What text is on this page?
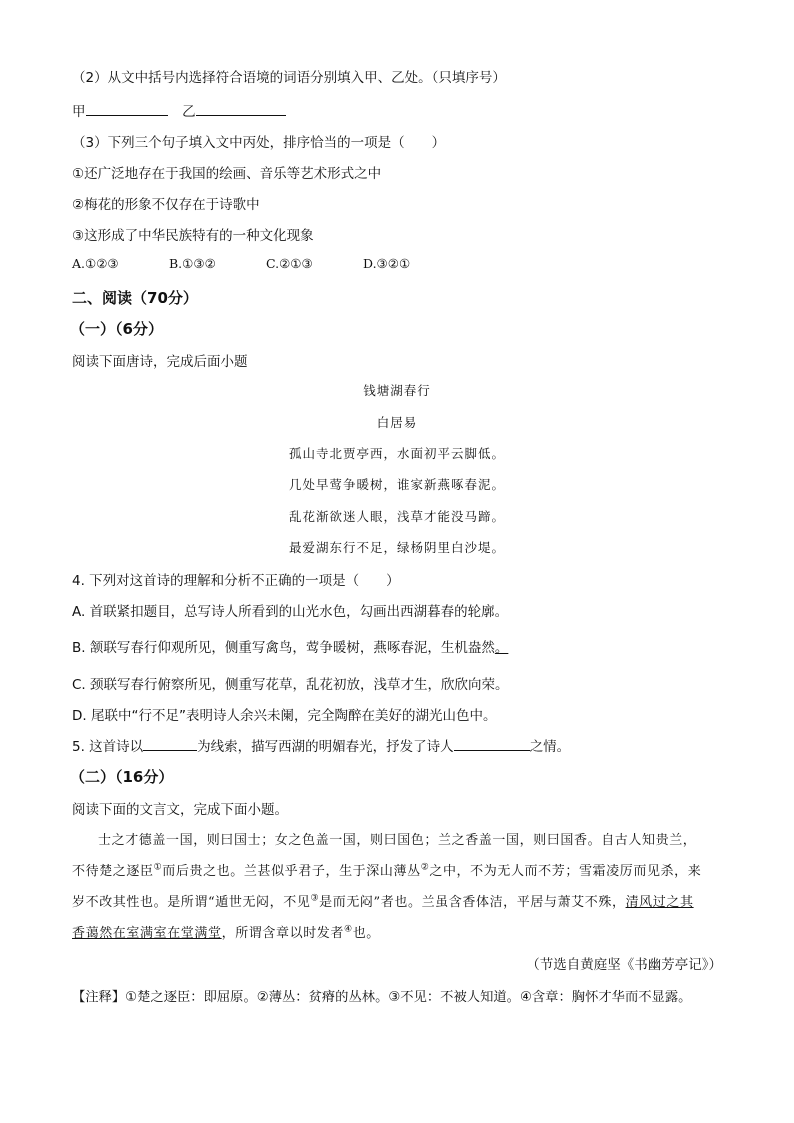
（2）从文中括号内选择符合语境的词语分别填入甲、乙处。（只填序号）
甲	乙
（3）下列三个句子填入文中丙处，排序恰当的一项是（　　）
①还广泛地存在于我国的绘画、音乐等艺术形式之中
②梅花的形象不仅存在于诗歌中
③这形成了中华民族特有的一种文化现象
A.①②③	B.①③②	C.②①③	D.③②①
二、阅读（70分）
（一）（6分）
阅读下面唐诗，完成后面小题
钱塘湖春行
白居易
孤山寺北贾亭西，水面初平云脚低。
几处早莺争暖树，谁家新燕啄春泥。
乱花渐欲迷人眼，浅草才能没马蹄。
最爱湖东行不足，绿杨阴里白沙堤。
4. 下列对这首诗的理解和分析不正确的一项是（　　）
A. 首联紧扣题目，总写诗人所看到的山光水色，勾画出西湖暮春的轮廓。
B. 颔联写春行仰观所见，侧重写禽鸟，莺争暖树，燕啄春泥，生机盎然。
C. 颈联写春行俯察所见，侧重写花草，乱花初放，浅草才生，欣欣向荣。
D. 尾联中“行不足”表明诗人余兴未阑，完全陶醉在美好的湖光山色中。
5. 这首诗以	为线索，描写西湖的明媚春光，抒发了诗人	之情。
（二）（16分）
阅读下面的文言文，完成下面小题。
士之才德盖一国，则曰国士；女之色盖一国，则曰国色；兰之香盖一国，则曰国香。自古人知贵兰，
不待楚之逐臣①而后贵之也。兰甚似乎君子，生于深山薄丛②之中，不为无人而不芳；雪霜凌厉而见杀，来
岁不改其性也。是所谓“遁世无闷，不见③是而无闷”者也。兰虽含香体洁，平居与萧艾不殊，清风过之其
香蔼然在室满室在堂满堂，所谓含章以时发者④也。
（节选自黄庭坚《书幽芳亭记》）
【注释】①楚之逐臣：即屈原。②薄丛：贫瘠的丛林。③不见：不被人知道。④含章：胸怀才华而不显露。
